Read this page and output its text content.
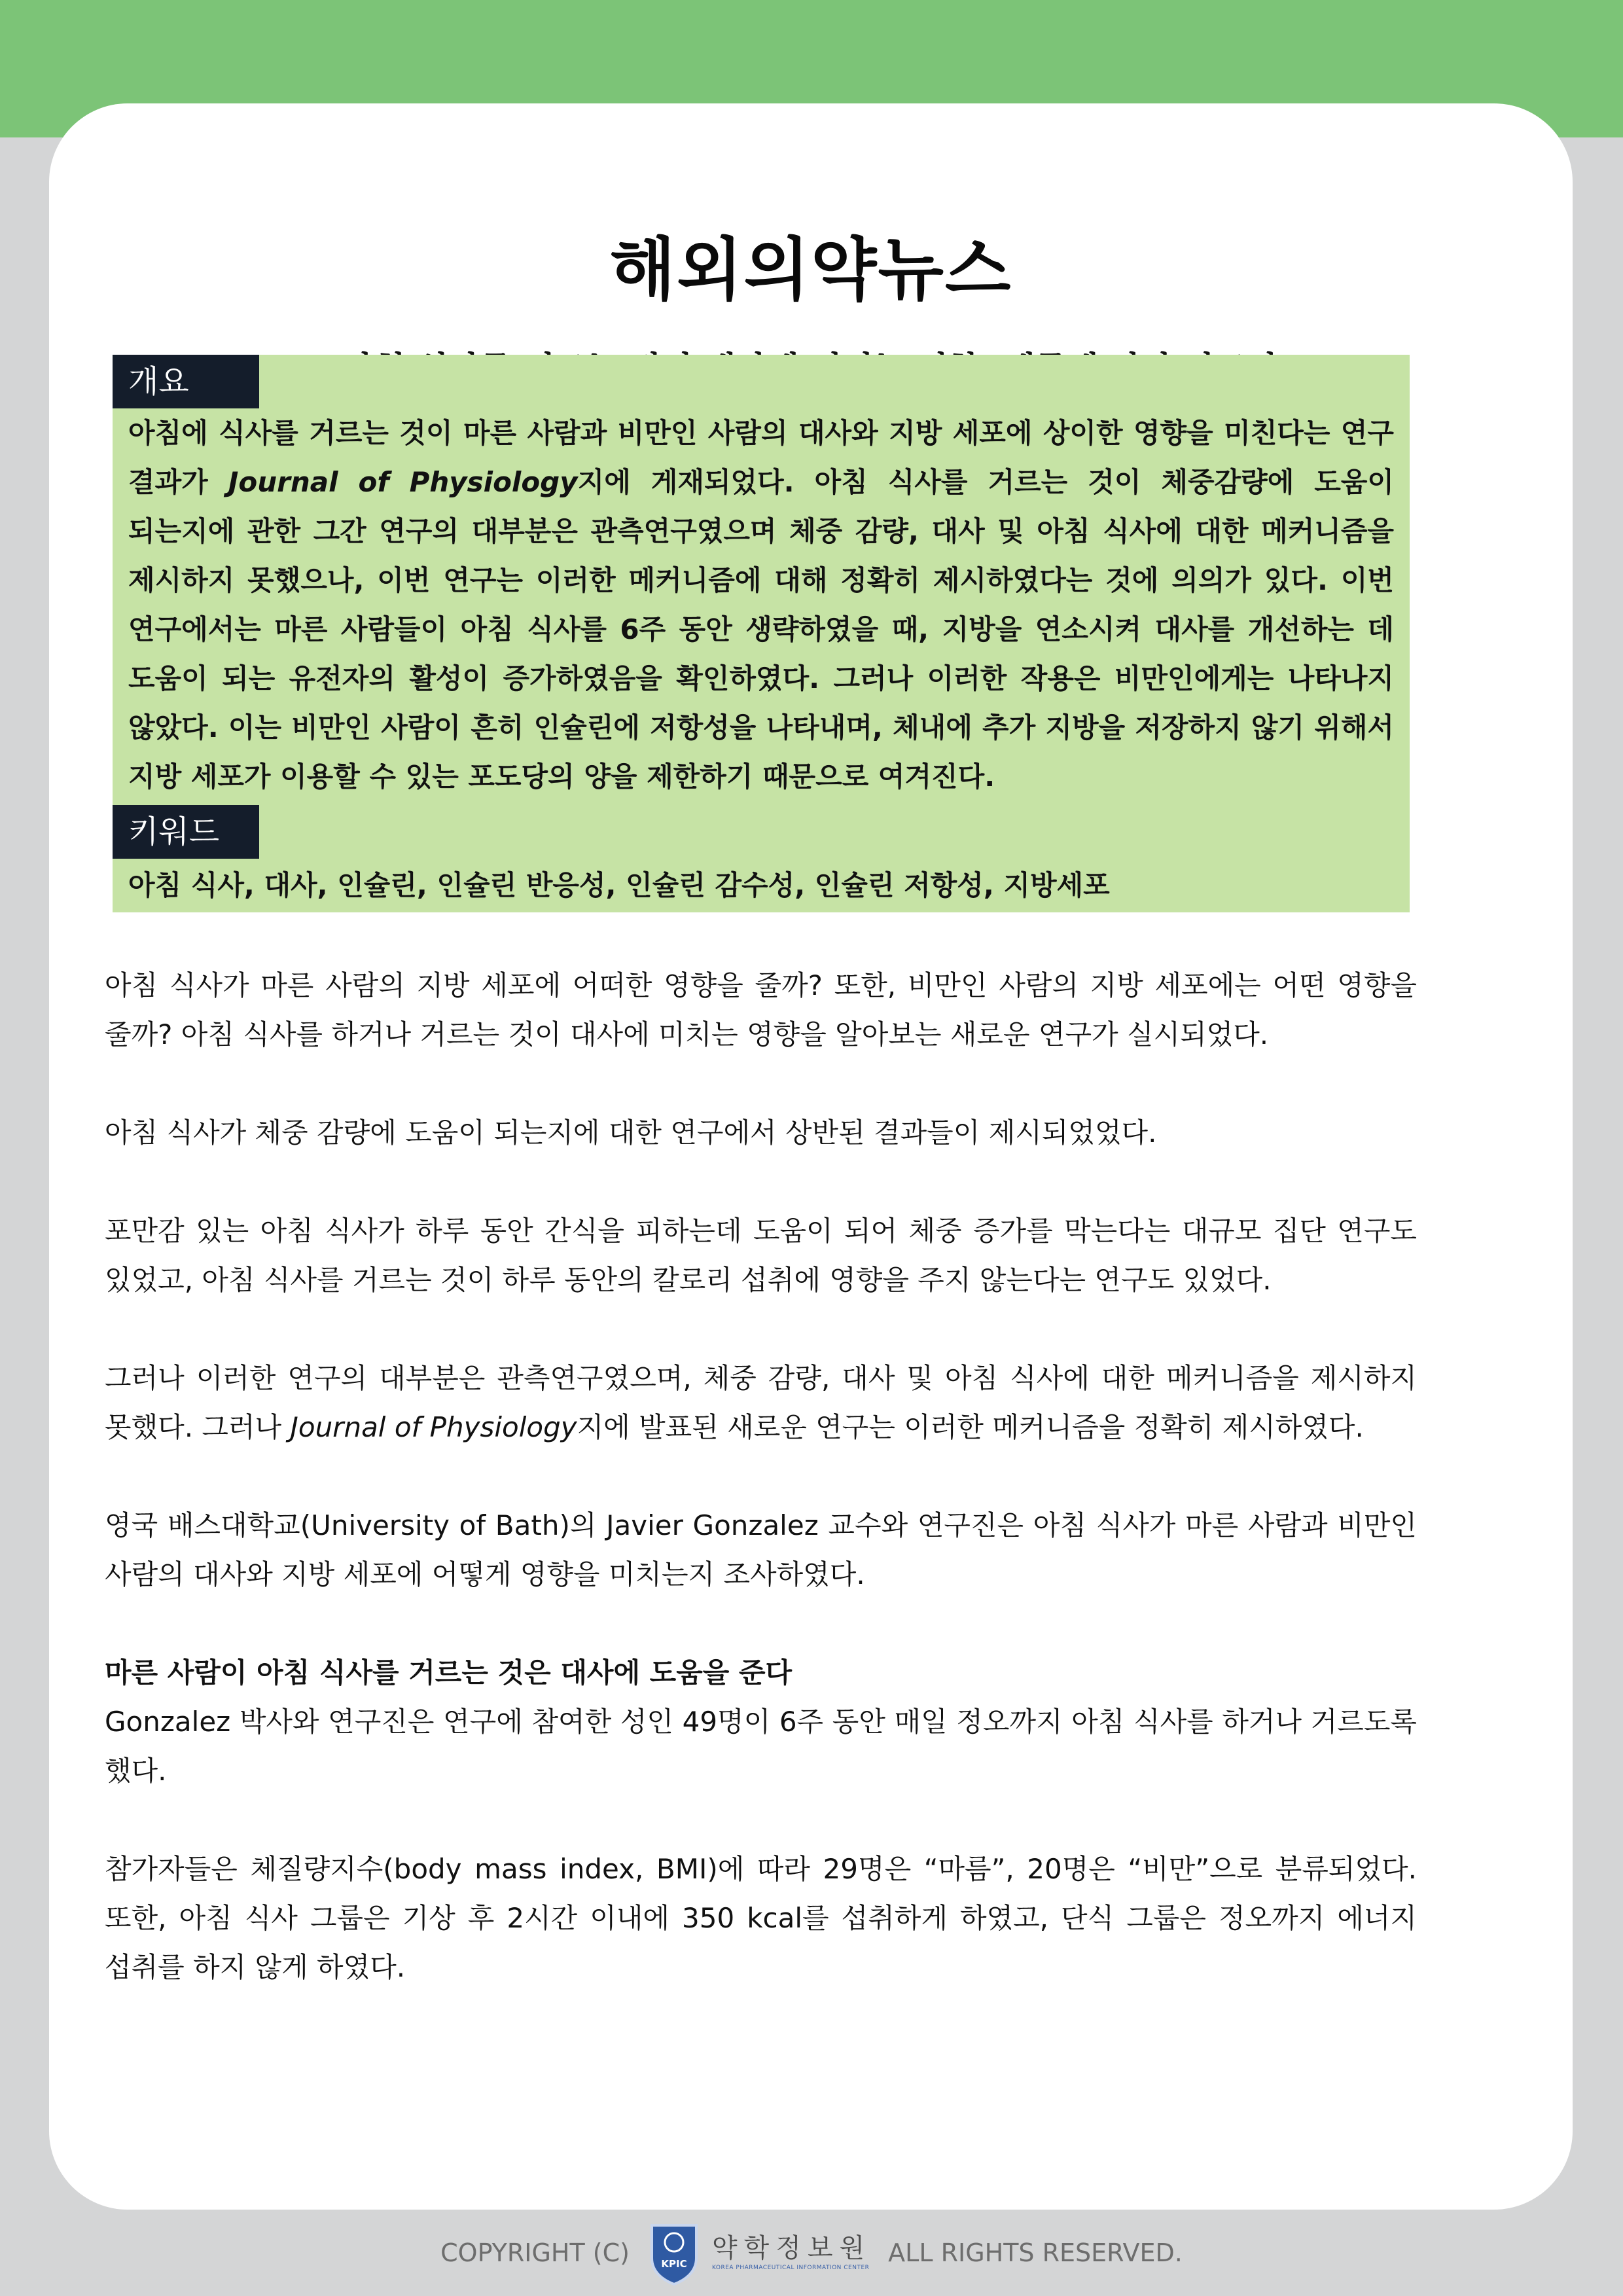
해외의약뉴스
개요

아침에 식사를 거르는 것이 마른 사람과 비만인 사람의 대사와 지방 세포에 상이한 영향을 미친다는 연구 결과가 Journal of Physiology지에 게재되었다. 아침 식사를 거르는 것이 체중감량에 도움이 되는지에 관한 그간 연구의 대부분은 관측연구였으며 체중 감량, 대사 및 아침 식사에 대한 메커니즘을 제시하지 못했으나, 이번 연구는 이러한 메커니즘에 대해 정확히 제시하였다는 것에 의의가 있다. 이번 연구에서는 마른 사람들이 아침 식사를 6주 동안 생략하였을 때, 지방을 연소시켜 대사를 개선하는 데 도움이 되는 유전자의 활성이 증가하였음을 확인하였다. 그러나 이러한 작용은 비만인에게는 나타나지 않았다. 이는 비만인 사람이 흔히 인슐린에 저항성을 나타내며, 체내에 추가 지방을 저장하지 않기 위해서 지방 세포가 이용할 수 있는 포도당의 양을 제한하기 때문으로 여겨진다.

키워드

아침 식사, 대사, 인슐린, 인슐린 반응성, 인슐린 감수성, 인슐린 저항성, 지방세포

아침 식사가 마른 사람의 지방 세포에 어떠한 영향을 줄까? 또한, 비만인 사람의 지방 세포에는 어떤 영향을 줄까? 아침 식사를 하거나 거르는 것이 대사에 미치는 영향을 알아보는 새로운 연구가 실시되었다.

아침 식사가 체중 감량에 도움이 되는지에 대한 연구에서 상반된 결과들이 제시되었었다.

포만감 있는 아침 식사가 하루 동안 간식을 피하는데 도움이 되어 체중 증가를 막는다는 대규모 집단 연구도 있었고, 아침 식사를 거르는 것이 하루 동안의 칼로리 섭취에 영향을 주지 않는다는 연구도 있었다.

그러나 이러한 연구의 대부분은 관측연구였으며, 체중 감량, 대사 및 아침 식사에 대한 메커니즘을 제시하지 못했다. 그러나 Journal of Physiology지에 발표된 새로운 연구는 이러한 메커니즘을 정확히 제시하였다.

영국 배스대학교(University of Bath)의 Javier Gonzalez 교수와 연구진은 아침 식사가 마른 사람과 비만인 사람의 대사와 지방 세포에 어떻게 영향을 미치는지 조사하였다.

마른 사람이 아침 식사를 거르는 것은 대사에 도움을 준다

Gonzalez 박사와 연구진은 연구에 참여한 성인 49명이 6주 동안 매일 정오까지 아침 식사를 하거나 거르도록 했다.

참가자들은 체질량지수(body mass index, BMI)에 따라 29명은 “마름”, 20명은 “비만”으로 분류되었다. 또한, 아침 식사 그룹은 기상 후 2시간 이내에 350 kcal를 섭취하게 하였고, 단식 그룹은 정오까지 에너지 섭취를 하지 않게 하였다.

COPYRIGHT (C)	KPIC
약학정보원
KOREA PHARMACEUTICAL INFORMATION CENTER
ALL RIGHTS RESERVED.
